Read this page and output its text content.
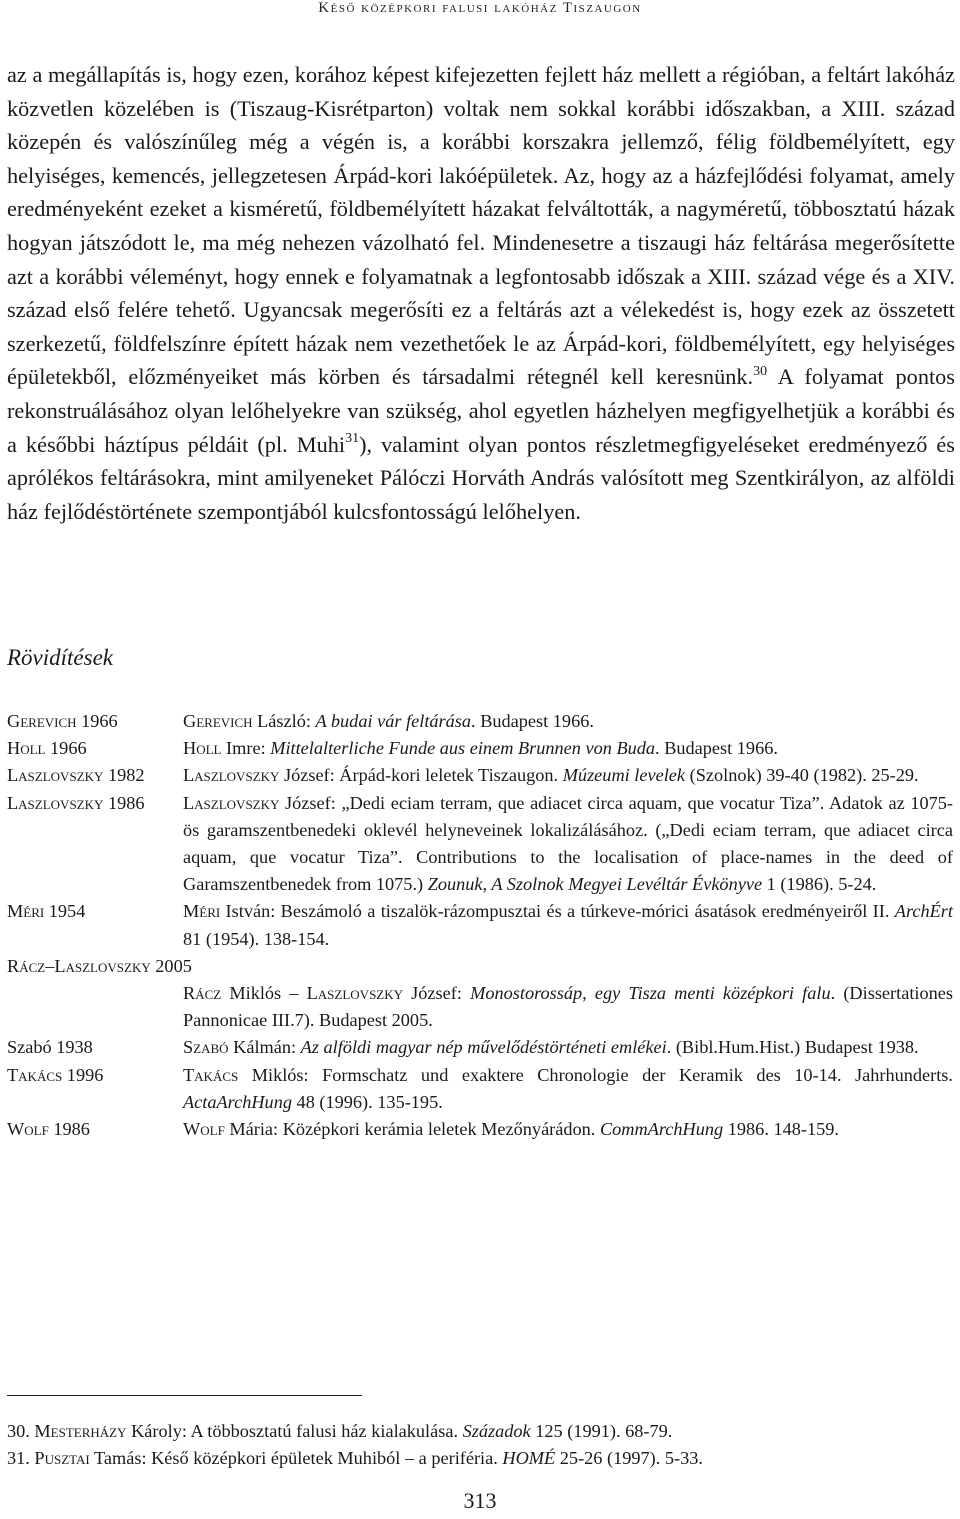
Késő középkori falusi lakóház Tiszaugon

az a megállapítás is, hogy ezen, korához képest kifejezetten fejlett ház mellett a régióban, a feltárt lakóház közvetlen közelében is (Tiszaug-Kisrétparton) voltak nem sokkal korábbi időszakban, a XIII. század közepén és valószínűleg még a végén is, a korábbi korszakra jellemző, félig földbemélyített, egy helyiséges, kemencés, jellegzetesen Árpád-kori lakóépületek. Az, hogy az a házfejlődési folyamat, amely eredményeként ezeket a kisméretű, földbemélyített házakat felváltották, a nagyméretű, többosztatú házak hogyan játszódott le, ma még nehezen vázolható fel. Mindenesetre a tiszaugi ház feltárása megerősítette azt a korábbi véleményt, hogy ennek e folyamatnak a legfontosabb időszak a XIII. század vége és a XIV. század első felére tehető. Ugyancsak megerősíti ez a feltárás azt a vélekedést is, hogy ezek az összetett szerkezetű, földfelszínre épített házak nem vezethetőek le az Árpád-kori, földbemélyített, egy helyiséges épületekből, előzményeiket más körben és társadalmi rétegnél kell keresnünk.$^{30}$ A folyamat pontos rekonstruálásához olyan lelőhelyekre van szükség, ahol egyetlen házhelyen megfigyelhetjük a korábbi és a későbbi háztípus példáit (pl. Muhi$^{31}$), valamint olyan pontos részletmegfigyeléseket eredményező és aprólékos feltárásokra, mint amilyeneket Pálóczi Horváth András valósított meg Szentkirályon, az alföldi ház fejlődéstörténete szempontjából kulcsfontosságú lelőhelyen.

Rövidítések
Gerevich 1966	Gerevich László: A budai vár feltárása. Budapest 1966.
Holl 1966	Holl Imre: Mittelalterliche Funde aus einem Brunnen von Buda. Budapest 1966.
Laszlovszky 1982	Laszlovszky József: Árpád-kori leletek Tiszaugon. Múzeumi levelek (Szolnok) 39-40 (1982). 25-29.
Laszlovszky 1986	Laszlovszky József: „Dedi eciam terram, que adiacet circa aquam, que vocatur Tiza”. Adatok az 1075-ös garamszentbenedeki oklevél helyneveinek lokalizálásához. („Dedi eciam terram, que adiacet circa aquam, que vocatur Tiza”. Contributions to the localisation of place-names in the deed of Garamszentbenedek from 1075.) Zounuk, A Szolnok Megyei Levéltár Évkönyve 1 (1986). 5-24.
Méri 1954	Méri István: Beszámoló a tiszalök-rázompusztai és a túrkeve-mórici ásatások eredményeiről II. ArchÉrt 81 (1954). 138-154.
Rácz–Laszlovszky 2005
Rácz Miklós – Laszlovszky József: Monostorossáp, egy Tisza menti középkori falu. (Dissertationes Pannonicae III.7). Budapest 2005.
Szabó 1938	Szabó Kálmán: Az alföldi magyar nép művelődéstörténeti emlékei. (Bibl.Hum.Hist.) Budapest 1938.
Takács 1996	Takács Miklós: Formschatz und exaktere Chronologie der Keramik des 10-14. Jahrhunderts. ActaArchHung 48 (1996). 135-195.
Wolf 1986	Wolf Mária: Középkori kerámia leletek Mezőnyárádon. CommArchHung 1986. 148-159.
30. Mesterházy Károly: A többosztatú falusi ház kialakulása. Századok 125 (1991). 68-79.
31. Pusztai Tamás: Késő középkori épületek Muhiból – a periféria. HOMÉ 25-26 (1997). 5-33.
313
